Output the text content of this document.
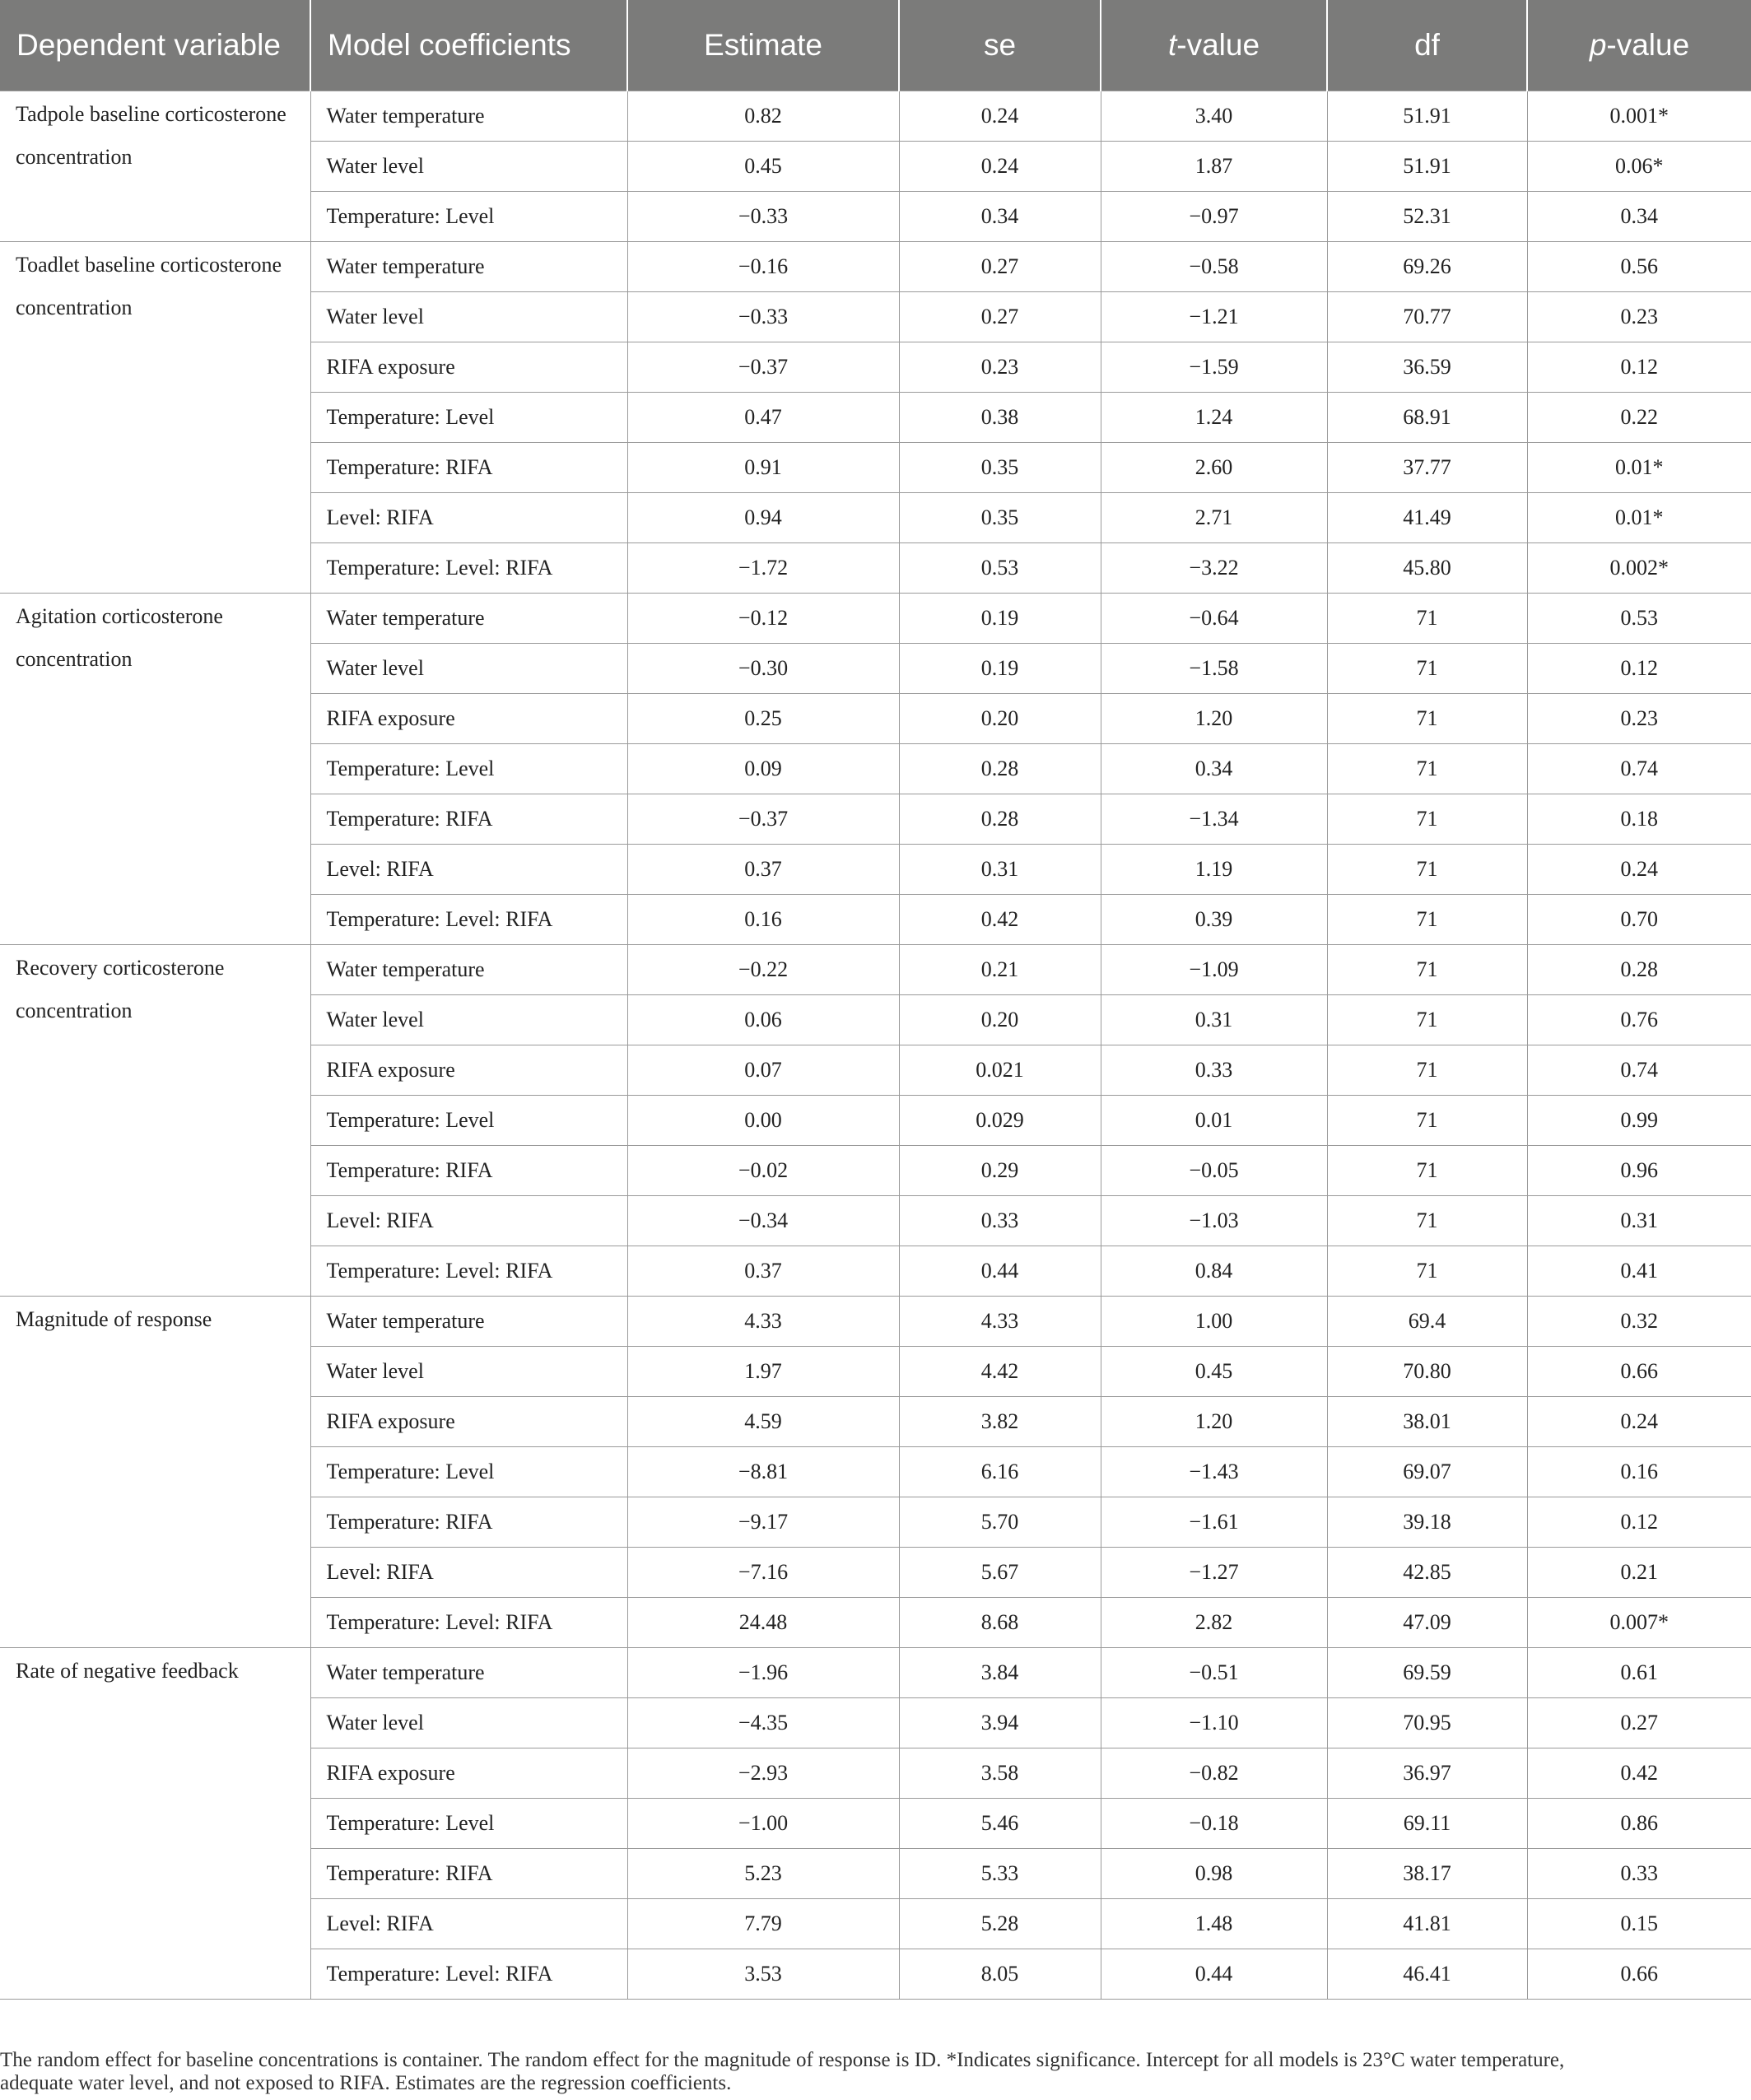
Dependent variable	Model coefficients	Estimate	se	t-value	df	p-value
Tadpole baseline corticosterone concentration	Water temperature	0.82	0.24	3.40	51.91	0.001*
	Water level	0.45	0.24	1.87	51.91	0.06*
	Temperature: Level	−0.33	0.34	−0.97	52.31	0.34
Toadlet baseline corticosterone concentration	Water temperature	−0.16	0.27	−0.58	69.26	0.56
	Water level	−0.33	0.27	−1.21	70.77	0.23
	RIFA exposure	−0.37	0.23	−1.59	36.59	0.12
	Temperature: Level	0.47	0.38	1.24	68.91	0.22
	Temperature: RIFA	0.91	0.35	2.60	37.77	0.01*
	Level: RIFA	0.94	0.35	2.71	41.49	0.01*
	Temperature: Level: RIFA	−1.72	0.53	−3.22	45.80	0.002*
Agitation corticosterone concentration	Water temperature	−0.12	0.19	−0.64	71	0.53
	Water level	−0.30	0.19	−1.58	71	0.12
	RIFA exposure	0.25	0.20	1.20	71	0.23
	Temperature: Level	0.09	0.28	0.34	71	0.74
	Temperature: RIFA	−0.37	0.28	−1.34	71	0.18
	Level: RIFA	0.37	0.31	1.19	71	0.24
	Temperature: Level: RIFA	0.16	0.42	0.39	71	0.70
Recovery corticosterone concentration	Water temperature	−0.22	0.21	−1.09	71	0.28
	Water level	0.06	0.20	0.31	71	0.76
	RIFA exposure	0.07	0.021	0.33	71	0.74
	Temperature: Level	0.00	0.029	0.01	71	0.99
	Temperature: RIFA	−0.02	0.29	−0.05	71	0.96
	Level: RIFA	−0.34	0.33	−1.03	71	0.31
	Temperature: Level: RIFA	0.37	0.44	0.84	71	0.41
Magnitude of response	Water temperature	4.33	4.33	1.00	69.4	0.32
	Water level	1.97	4.42	0.45	70.80	0.66
	RIFA exposure	4.59	3.82	1.20	38.01	0.24
	Temperature: Level	−8.81	6.16	−1.43	69.07	0.16
	Temperature: RIFA	−9.17	5.70	−1.61	39.18	0.12
	Level: RIFA	−7.16	5.67	−1.27	42.85	0.21
	Temperature: Level: RIFA	24.48	8.68	2.82	47.09	0.007*
Rate of negative feedback	Water temperature	−1.96	3.84	−0.51	69.59	0.61
	Water level	−4.35	3.94	−1.10	70.95	0.27
	RIFA exposure	−2.93	3.58	−0.82	36.97	0.42
	Temperature: Level	−1.00	5.46	−0.18	69.11	0.86
	Temperature: RIFA	5.23	5.33	0.98	38.17	0.33
	Level: RIFA	7.79	5.28	1.48	41.81	0.15
	Temperature: Level: RIFA	3.53	8.05	0.44	46.41	0.66
The random effect for baseline concentrations is container. The random effect for the magnitude of response is ID. *Indicates significance. Intercept for all models is 23°C water temperature,
adequate water level, and not exposed to RIFA. Estimates are the regression coefficients.
